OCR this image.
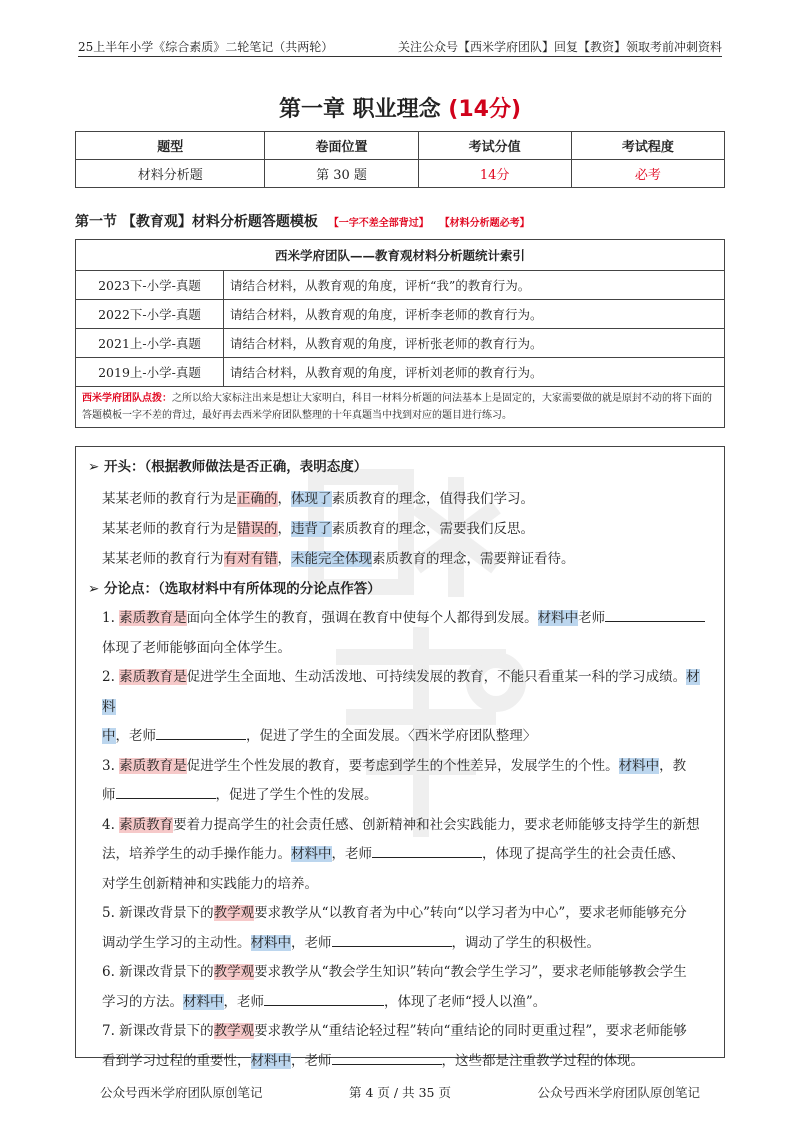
25上半年小学《综合素质》二轮笔记（共两轮）	关注公众号【西米学府团队】回复【教资】领取考前冲刺资料
第一章 职业理念 (14分)
题型	卷面位置	考试分值	考试程度
材料分析题	第 30 题	14分	必考
第一节 【教育观】材料分析题答题模板 【一字不差全部背过】 【材料分析题必考】
西米学府团队——教育观材料分析题统计索引	
2023下-小学-真题	请结合材料，从教育观的角度，评析“我”的教育行为。
2022下-小学-真题	请结合材料，从教育观的角度，评析李老师的教育行为。
2021上-小学-真题	请结合材料，从教育观的角度，评析张老师的教育行为。
2019上-小学-真题	请结合材料，从教育观的角度，评析刘老师的教育行为。
西米学府团队点拨：之所以给大家标注出来是想让大家明白，科目一材料分析题的问法基本上是固定的，大家需要做的就是原封不动的将下面的答题模板一字不差的背过，最好再去西米学府团队整理的十年真题当中找到对应的题目进行练习。	
➢ 开头：（根据教师做法是否正确，表明态度）
某某老师的教育行为是正确的，体现了素质教育的理念，值得我们学习。
某某老师的教育行为是错误的，违背了素质教育的理念，需要我们反思。
某某老师的教育行为有对有错，未能完全体现素质教育的理念，需要辩证看待。
➢ 分论点：（选取材料中有所体现的分论点作答）
1. 素质教育是面向全体学生的教育，强调在教育中使每个人都得到发展。材料中老师
体现了老师能够面向全体学生。
2. 素质教育是促进学生全面地、生动活泼地、可持续发展的教育，不能只看重某一科的学习成绩。材料
中，老师	，促进了学生的全面发展。〈西米学府团队整理〉
3. 素质教育是促进学生个性发展的教育，要考虑到学生的个性差异，发展学生的个性。材料中，教
师	，促进了学生个性的发展。
4. 素质教育要着力提高学生的社会责任感、创新精神和社会实践能力，要求老师能够支持学生的新想
法，培养学生的动手操作能力。材料中，老师	，体现了提高学生的社会责任感、
对学生创新精神和实践能力的培养。
5. 新课改背景下的教学观要求教学从“以教育者为中心”转向“以学习者为中心”，要求老师能够充分
调动学生学习的主动性。材料中，老师	，调动了学生的积极性。
6. 新课改背景下的教学观要求教学从“教会学生知识”转向“教会学生学习”，要求老师能够教会学生
学习的方法。材料中，老师	，体现了老师“授人以渔”。
7. 新课改背景下的教学观要求教学从“重结论轻过程”转向“重结论的同时更重过程”，要求老师能够
看到学习过程的重要性，材料中，老师	，这些都是注重教学过程的体现。
公众号西米学府团队原创笔记	第 4 页 / 共 35 页	公众号西米学府团队原创笔记
